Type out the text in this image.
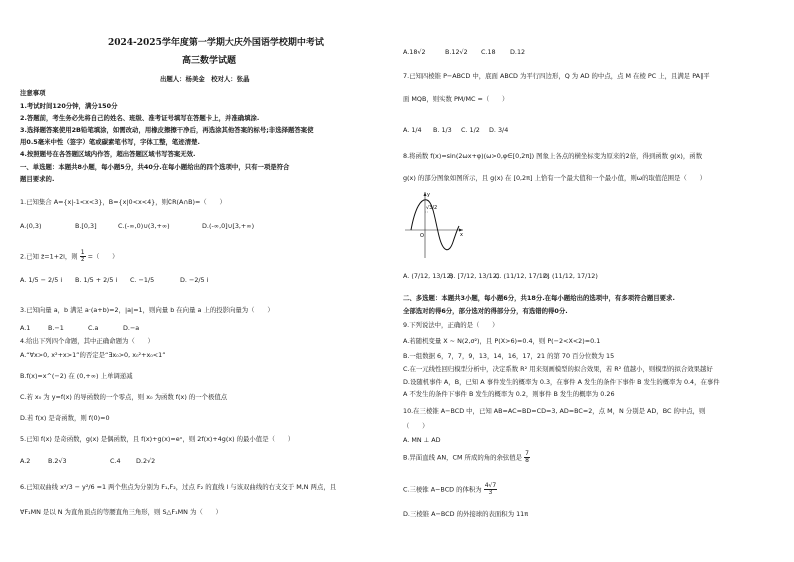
2024-2025学年度第一学期大庆外国语学校期中考试
高三数学试题
出题人：杨美金　校对人：张晶
注意事项
1.考试时间120分钟，满分150分
2.答题前，考生务必先将自己的姓名、班级、准考证号填写在答题卡上，并准确填涂.
3.选择题答案使用2B铅笔填涂，如需改动，用橡皮擦擦干净后，再选涂其他答案的标号;非选择题答案使
用0.5毫米中性（签字）笔或碳素笔书写，字体工整，笔迹清楚.
4.按照题号在各答题区域内作答，超出答题区域书写答案无效.
一、单选题：本题共8小题，每小题5分，共40分.在每小题给出的四个选项中，只有一项是符合
题目要求的.
1.已知集合 A={x|-1<x<3}，B={x|0<x<4}，则∁R(A∩B)=（　　）
A.(0,3)	B.[0,3]	C.(-∞,0)∪(3,+∞)	D.(-∞,0]∪[3,+∞)
2.已知 z̄=1+2i，则 $\frac{1}{z}$ =（　　）
A. 1/5 − 2/5 i B. 1/5 + 2/5 i C. −1/5	D. −2/5 i
3.已知向量 a，b 满足 a·(a+b)=2，|a|=1，则向量 b 在向量 a 上的投影向量为（　　）
A.1	B.−1	C.a	D.−a
4.给出下列四个命题，其中正确命题为（　　）
A.“∀x>0, x²+x>1”的否定是“∃x₀>0, x₀²+x₀<1”
B.f(x)=x^(−2) 在 (0,+∞) 上单调递减
C.若 x₀ 为 y=f(x) 的导函数的一个零点，则 x₀ 为函数 f(x) 的一个极值点
D.若 f(x) 是奇函数，则 f(0)=0
5.已知 f(x) 是奇函数，g(x) 是偶函数，且 f(x)+g(x)=eˣ，则 2f(x)+4g(x) 的最小值是（　　）
A.2	B.2√3	C.4 D.2√2
6.已知双曲线 x²/3 − y²/6 =1 两个焦点为分别为 F₁,F₂，过点 F₂ 的直线 l 与该双曲线的右支交于 M,N 两点，且
∀F₁MN 是以 N 为直角顶点的等腰直角三角形，则 S△F₁MN 为（　　）
A.18√2	B.12√2 C.18 D.12
7.已知四棱锥 P−ABCD 中，底面 ABCD 为平行四边形，Q 为 AD 的中点，点 M 在棱 PC 上，且满足 PA∥平
面 MQB，则实数 PM/MC =（　　）
A. 1/4 B. 1/3 C. 1/2 D. 3/4
8.将函数 f(x)=sin(2ωx+φ)(ω>0,φ∈[0,2π]) 图象上各点的横坐标变为原来的2倍，得到函数 g(x)，函数
g(x) 的部分图象如图所示，且 g(x) 在 [0,2π] 上恰有一个最大值和一个最小值，则ω的取值范围是（　　）
√3/2
O	x
y
A. (7/12, 13/12)
B. [7/12, 13/12)
C. (11/12, 17/12]
D. (11/12, 17/12)
二、多选题：本题共3小题，每小题6分，共18分.在每小题给出的选项中，有多项符合题目要求.
全部选对的得6分，部分选对的得部分分，有选错的得0分.
9.下列说法中，正确的是（　　）
A.若随机变量 X ~ N(2,σ²)，且 P(X>6)=0.4，则 P(−2<X<2)=0.1
B.一组数据 6，7，7，9，13，14，16，17，21 的第 70 百分位数为 15
C.在一元线性回归模型分析中，决定系数 R² 用来刻画模型的拟合效果，若 R² 值越小，则模型的拟合效果越好
D.设随机事件 A，B，已知 A 事件发生的概率为 0.3，在事件 A 发生的条件下事件 B 发生的概率为 0.4，在事件
A 不发生的条件下事件 B 发生的概率为 0.2，则事件 B 发生的概率为 0.26
10.在三棱锥 A−BCD 中，已知 AB=AC=BD=CD=3, AD=BC=2，点 M，N 分别是 AD，BC 的中点，则
（　　）
A. MN ⊥ AD
B.异面直线 AN，CM 所成的角的余弦值是 $\frac{7}{8}$
C.三棱锥 A−BCD 的体积为 $\frac{4√7}{3}$
D.三棱锥 A−BCD 的外接球的表面积为 11π
